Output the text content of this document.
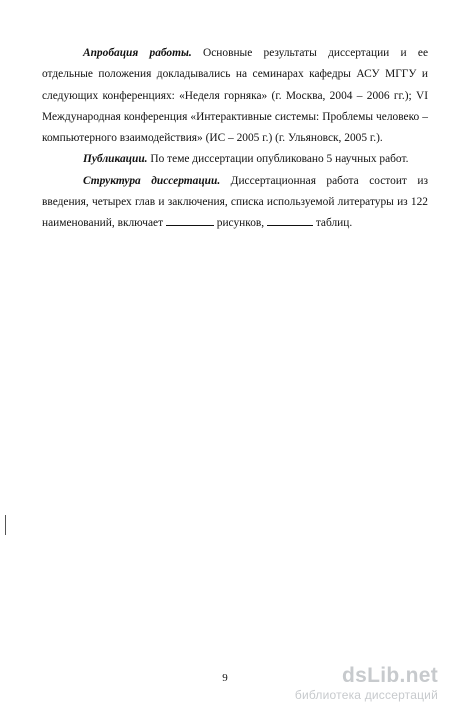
Апробация работы. Основные результаты диссертации и ее отдельные положения докладывались на семинарах кафедры АСУ МГГУ и следующих конференциях: «Неделя горняка» (г. Москва, 2004 – 2006 гг.); VI Международная конференция «Интерактивные системы: Проблемы человеко – компьютерного взаимодействия» (ИС – 2005 г.) (г. Ульяновск, 2005 г.).

Публикации. По теме диссертации опубликовано 5 научных работ.

Структура диссертации. Диссертационная работа состоит из введения, четырех глав и заключения, списка используемой литературы из 122 наименований, включает	рисунков,	таблиц.

9	dsLib.net
библиотека диссертаций
